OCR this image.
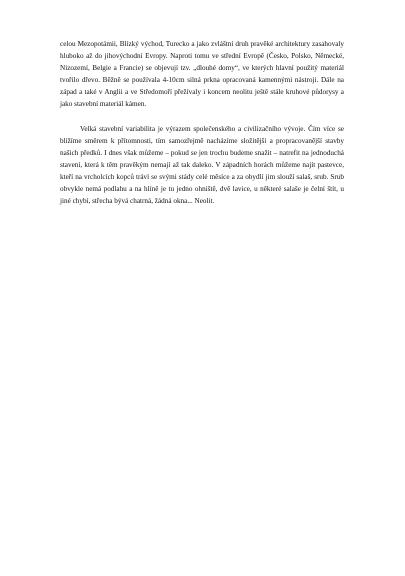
celou Mezopotámii, Blízký východ, Turecko a jako zvláštní druh pravěké architektury zasahovaly hluboko až do jihovýchodní Evropy. Naproti tomu ve střední Evropě (Česko, Polsko, Německé, Nizozemí, Belgie a Francie) se objevují tzv. „dlouhé domy“, ve kterých hlavní použitý materiál tvořilo dřevo. Běžně se používala 4-10cm silná prkna opracovaná kamennými nástroji. Dále na západ a také v Anglii a ve Středomoří přežívaly i koncem neolitu ještě stále kruhové půdorysy a jako stavební materiál kámen.

Velká stavební variabilita je výrazem společenského a civilizačního vývoje. Čím více se blížíme směrem k přítomnosti, tím samozřejmě nacházíme složitější a propracovanější stavby našich předků. I dnes však můžeme – pokud se jen trochu budeme snažit – natrefit na jednoduchá stavení, která k těm pravěkým nemají až tak daleko. V západních horách můžeme najít pastevce, kteří na vrcholcích kopců tráví se svými stády celé měsíce a za obydlí jim slouží salaš, srub. Srub obvykle nemá podlahu a na hlíně je tu jedno ohniště, dvě lavice, u některé salaše je čelní štít, u jiné chybí, střecha bývá chatrná, žádná okna... Neolit.
